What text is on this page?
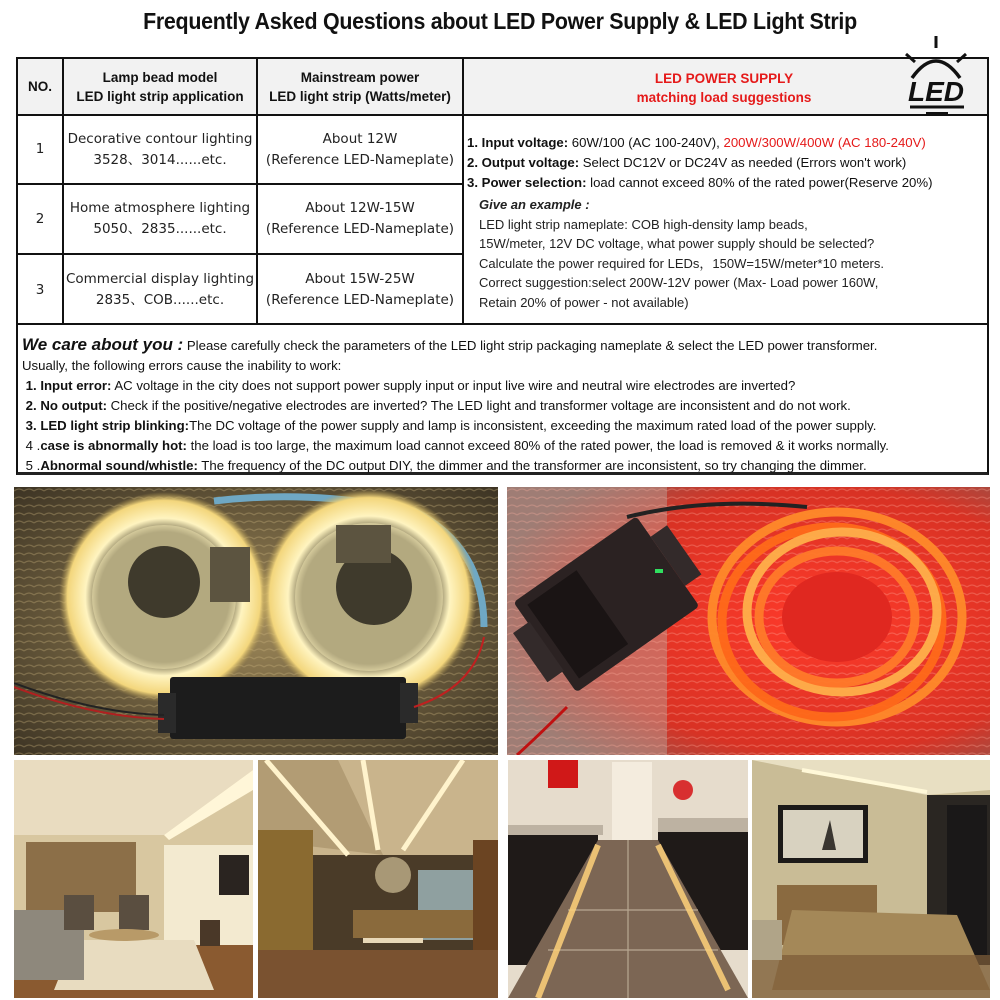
Frequently Asked Questions about LED Power Supply & LED Light Strip
NO.
Lamp bead model
LED light strip application
Mainstream power
LED light strip (Watts/meter)
LED POWER SUPPLY
matching load suggestions
1
Decorative contour lighting
3528、3014......etc.
About 12W
(Reference LED-Nameplate)
2
Home atmosphere lighting
5050、2835......etc.
About 12W-15W
(Reference LED-Nameplate)
3
Commercial display lighting
2835、COB......etc.
About 15W-25W
(Reference LED-Nameplate)
1. Input voltage: 60W/100 (AC 100-240V), 200W/300W/400W (AC 180-240V)
2. Output voltage: Select DC12V or DC24V as needed (Errors won't work)
3. Power selection: load cannot exceed 80% of the rated power(Reserve 20%)
Give an example :
LED light strip nameplate: COB high-density lamp beads,
15W/meter, 12V DC voltage, what power supply should be selected?
Calculate the power required for LEDs，150W=15W/meter*10 meters.
Correct suggestion:select 200W-12V power (Max- Load power 160W,
Retain 20% of power - not available)
LED
We care about you : Please carefully check the parameters of the LED light strip packaging nameplate & select the LED power transformer.
Usually, the following errors cause the inability to work:
1. Input error: AC voltage in the city does not support power supply input or input live wire and neutral wire electrodes are inverted?
2. No output: Check if the positive/negative electrodes are inverted? The LED light and transformer voltage are inconsistent and do not work.
3. LED light strip blinking:The DC voltage of the power supply and lamp is inconsistent, exceeding the maximum rated load of the power supply.
4 .case is abnormally hot: the load is too large, the maximum load cannot exceed 80% of the rated power, the load is removed & it works normally.
5 .Abnormal sound/whistle: The frequency of the DC output DIY, the dimmer and the transformer are inconsistent, so try changing the dimmer.
